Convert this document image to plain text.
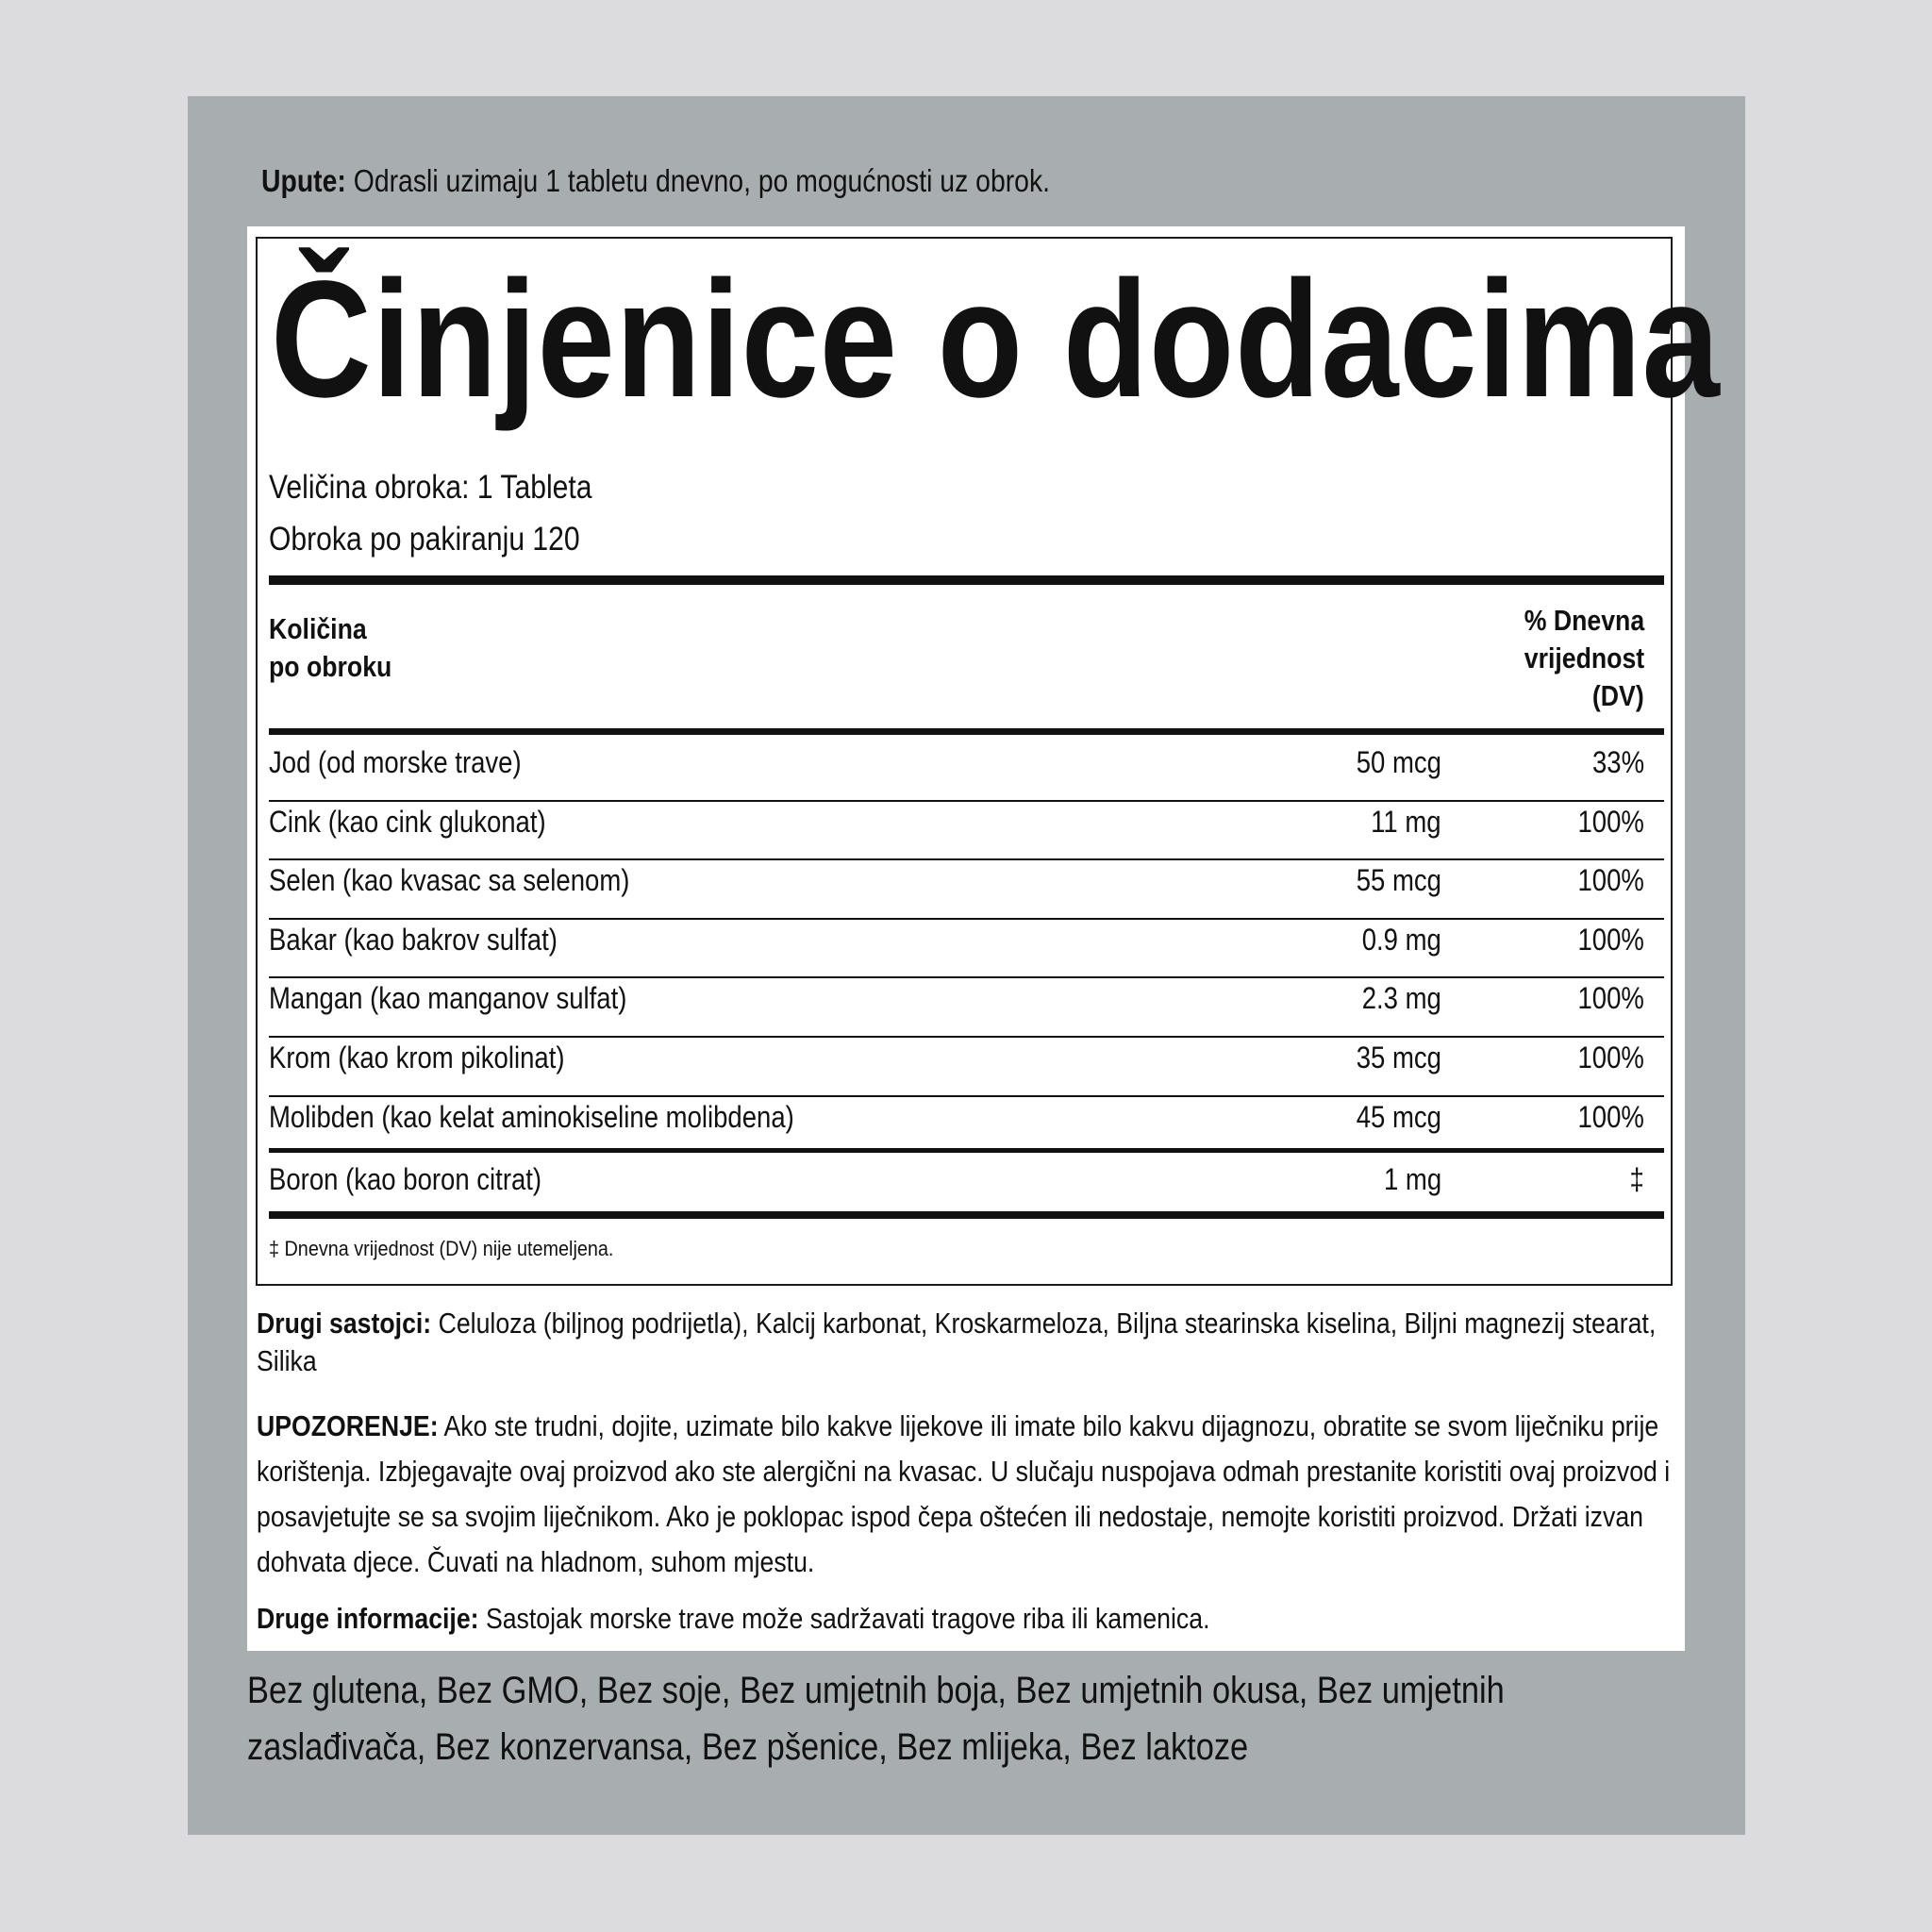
Upute: Odrasli uzimaju 1 tabletu dnevno, po mogućnosti uz obrok.
Činjenice o dodacima
Veličina obroka: 1 Tableta
Obroka po pakiranju 120
Količina
po obroku
% Dnevna
vrijednost
(DV)
Jod (od morske trave)	50 mcg	33%
Cink (kao cink glukonat)	11 mg	100%
Selen (kao kvasac sa selenom)	55 mcg	100%
Bakar (kao bakrov sulfat)	0.9 mg	100%
Mangan (kao manganov sulfat)	2.3 mg	100%
Krom (kao krom pikolinat)	35 mcg	100%
Molibden (kao kelat aminokiseline molibdena)	45 mcg	100%
Boron (kao boron citrat)	1 mg	‡
‡ Dnevna vrijednost (DV) nije utemeljena.
Drugi sastojci: Celuloza (biljnog podrijetla), Kalcij karbonat, Kroskarmeloza, Biljna stearinska kiselina, Biljni magnezij stearat, Silika
UPOZORENJE: Ako ste trudni, dojite, uzimate bilo kakve lijekove ili imate bilo kakvu dijagnozu, obratite se svom liječniku prije korištenja. Izbjegavajte ovaj proizvod ako ste alergični na kvasac. U slučaju nuspojava odmah prestanite koristiti ovaj proizvod i posavjetujte se sa svojim liječnikom. Ako je poklopac ispod čepa oštećen ili nedostaje, nemojte koristiti proizvod. Držati izvan dohvata djece. Čuvati na hladnom, suhom mjestu.
Druge informacije: Sastojak morske trave može sadržavati tragove riba ili kamenica.
Bez glutena, Bez GMO, Bez soje, Bez umjetnih boja, Bez umjetnih okusa, Bez umjetnih zaslađivača, Bez konzervansa, Bez pšenice, Bez mlijeka, Bez laktoze
